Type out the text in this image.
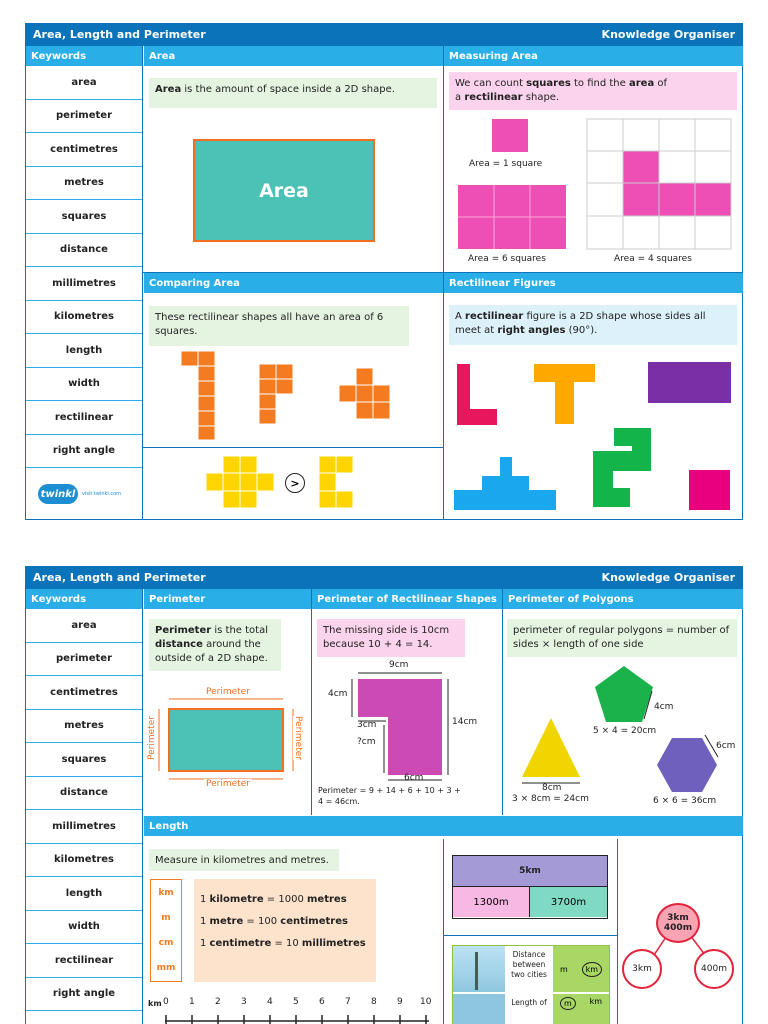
Area, Length and Perimeter	Knowledge Organiser
Keywords
area
perimeter
centimetres
metres
squares
distance
millimetres
kilometres
length
width
rectilinear
right angle
twinkl	visit twinkl.com
Area
Area is the amount of space inside a 2D shape.
Area
Measuring Area
We can count squares to find the area of
a rectilinear shape.
Area = 1 square
Area = 6 squares	Area = 4 squares
Comparing Area
These rectilinear shapes all have an area of 6 squares.
>
Rectilinear Figures
A rectilinear figure is a 2D shape whose sides all meet at right angles (90°).
Area, Length and Perimeter	Knowledge Organiser
Keywords
area
perimeter
centimetres
metres
squares
distance
millimetres
kilometres
length
width
rectilinear
right angle
Perimeter
Perimeter is the total distance around the outside of a 2D shape.
Perimeter
Perimeter
Perimeter	Perimeter
Perimeter of Rectilinear Shapes
The missing side is 10cm because 10 + 4 = 14.
9cm
4cm
3cm
?cm
14cm
6cm
Perimeter = 9 + 14 + 6 + 10 + 3 + 4 = 46cm.
Perimeter of Polygons
perimeter of regular polygons = number of sides × length of one side
4cm
5 × 4 = 20cm
8cm
3 × 8cm = 24cm
6cm
6 × 6 = 36cm
Length
Measure in kilometres and metres.
km
m
cm
mm
1 kilometre = 1000 metres
1 metre = 100 centimetres
1 centimetre = 10 millimetres
km 0 1 2 3 4 5 6 7 8 9 10
5km
1300m	3700m
Distance between two cities
m	km
Length of	m	km
3km 400m
3km	400m
